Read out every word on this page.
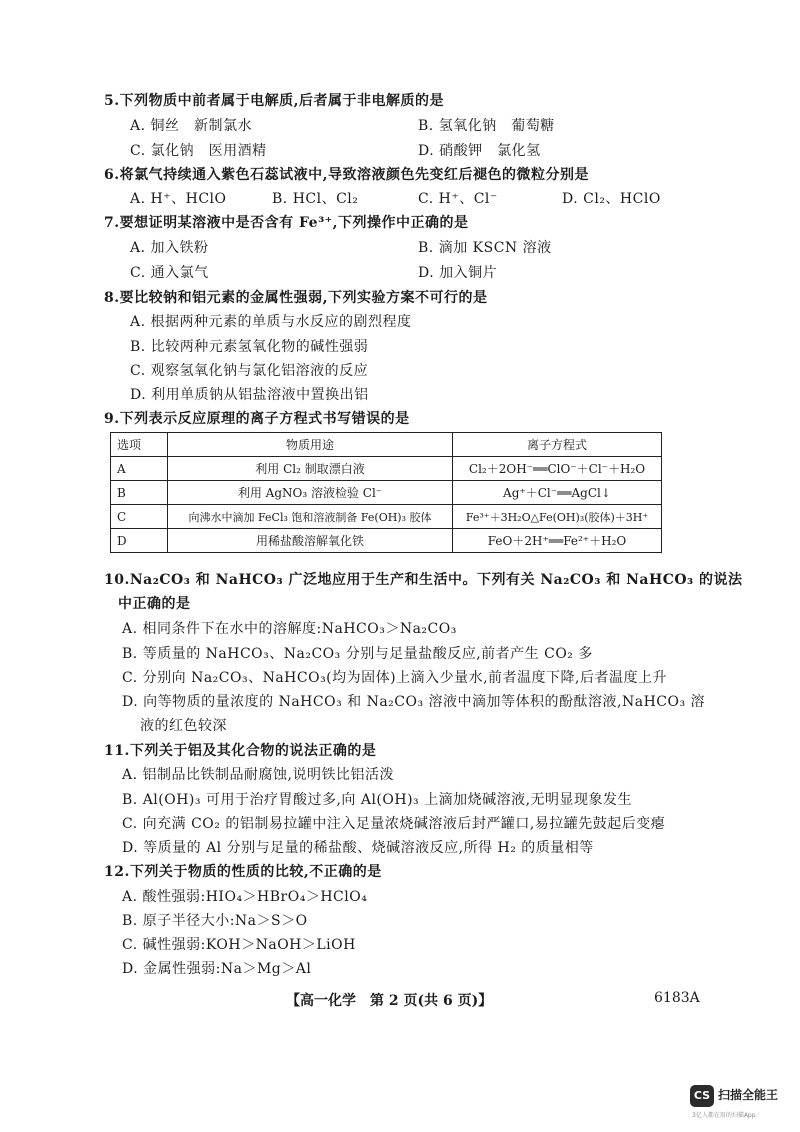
5.下列物质中前者属于电解质,后者属于非电解质的是
A. 铜丝　新制氯水	B. 氢氧化钠　葡萄糖
C. 氯化钠　医用酒精	D. 硝酸钾　氯化氢
6.将氯气持续通入紫色石蕊试液中,导致溶液颜色先变红后褪色的微粒分别是
A. H⁺、HClO	B. HCl、Cl₂	C. H⁺、Cl⁻	D. Cl₂、HClO
7.要想证明某溶液中是否含有 Fe³⁺,下列操作中正确的是
A. 加入铁粉	B. 滴加 KSCN 溶液
C. 通入氯气	D. 加入铜片
8.要比较钠和铝元素的金属性强弱,下列实验方案不可行的是
A. 根据两种元素的单质与水反应的剧烈程度
B. 比较两种元素氢氧化物的碱性强弱
C. 观察氢氧化钠与氯化铝溶液的反应
D. 利用单质钠从铝盐溶液中置换出铝
9.下列表示反应原理的离子方程式书写错误的是
选项	物质用途	离子方程式
A	利用 Cl₂ 制取漂白液	Cl₂＋2OH⁻══ClO⁻＋Cl⁻＋H₂O
B	利用 AgNO₃ 溶液检验 Cl⁻	Ag⁺＋Cl⁻══AgCl↓
C	向沸水中滴加 FeCl₃ 饱和溶液制备 Fe(OH)₃ 胶体	Fe³⁺＋3H₂O△Fe(OH)₃(胶体)＋3H⁺
D	用稀盐酸溶解氧化铁	FeO＋2H⁺══Fe²⁺＋H₂O
10.Na₂CO₃ 和 NaHCO₃ 广泛地应用于生产和生活中。下列有关 Na₂CO₃ 和 NaHCO₃ 的说法
中正确的是
A. 相同条件下在水中的溶解度:NaHCO₃＞Na₂CO₃
B. 等质量的 NaHCO₃、Na₂CO₃ 分别与足量盐酸反应,前者产生 CO₂ 多
C. 分别向 Na₂CO₃、NaHCO₃(均为固体)上滴入少量水,前者温度下降,后者温度上升
D. 向等物质的量浓度的 NaHCO₃ 和 Na₂CO₃ 溶液中滴加等体积的酚酞溶液,NaHCO₃ 溶
液的红色较深
11.下列关于铝及其化合物的说法正确的是
A. 铝制品比铁制品耐腐蚀,说明铁比铝活泼
B. Al(OH)₃ 可用于治疗胃酸过多,向 Al(OH)₃ 上滴加烧碱溶液,无明显现象发生
C. 向充满 CO₂ 的铝制易拉罐中注入足量浓烧碱溶液后封严罐口,易拉罐先鼓起后变瘪
D. 等质量的 Al 分别与足量的稀盐酸、烧碱溶液反应,所得 H₂ 的质量相等
12.下列关于物质的性质的比较,不正确的是
A. 酸性强弱:HIO₄＞HBrO₄＞HClO₄
B. 原子半径大小:Na＞S＞O
C. 碱性强弱:KOH＞NaOH＞LiOH
D. 金属性强弱:Na＞Mg＞Al
【高一化学　第 2 页(共 6 页)】	6183A
CS 扫描全能王
3亿人都在用的扫描App
